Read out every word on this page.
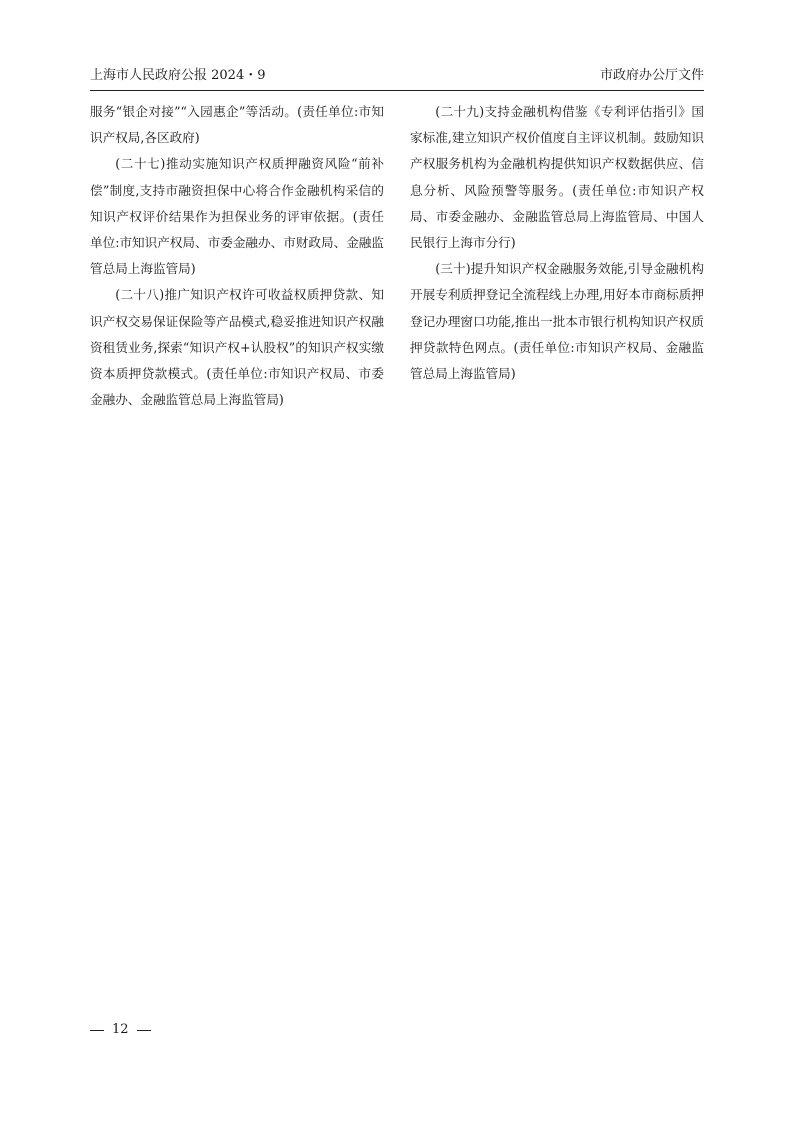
上海市人民政府公报 2024・9	市政府办公厅文件

服务“银企对接”“入园惠企”等活动。(责任单位:市知识产权局,各区政府)

(二十七)推动实施知识产权质押融资风险“前补偿”制度,支持市融资担保中心将合作金融机构采信的知识产权评价结果作为担保业务的评审依据。(责任单位:市知识产权局、市委金融办、市财政局、金融监管总局上海监管局)

(二十八)推广知识产权许可收益权质押贷款、知识产权交易保证保险等产品模式,稳妥推进知识产权融资租赁业务,探索“知识产权+认股权”的知识产权实缴资本质押贷款模式。(责任单位:市知识产权局、市委金融办、金融监管总局上海监管局)

(二十九)支持金融机构借鉴《专利评估指引》国家标准,建立知识产权价值度自主评议机制。鼓励知识产权服务机构为金融机构提供知识产权数据供应、信息分析、风险预警等服务。(责任单位:市知识产权局、市委金融办、金融监管总局上海监管局、中国人民银行上海市分行)

(三十)提升知识产权金融服务效能,引导金融机构开展专利质押登记全流程线上办理,用好本市商标质押登记办理窗口功能,推出一批本市银行机构知识产权质押贷款特色网点。(责任单位:市知识产权局、金融监管总局上海监管局)

12
